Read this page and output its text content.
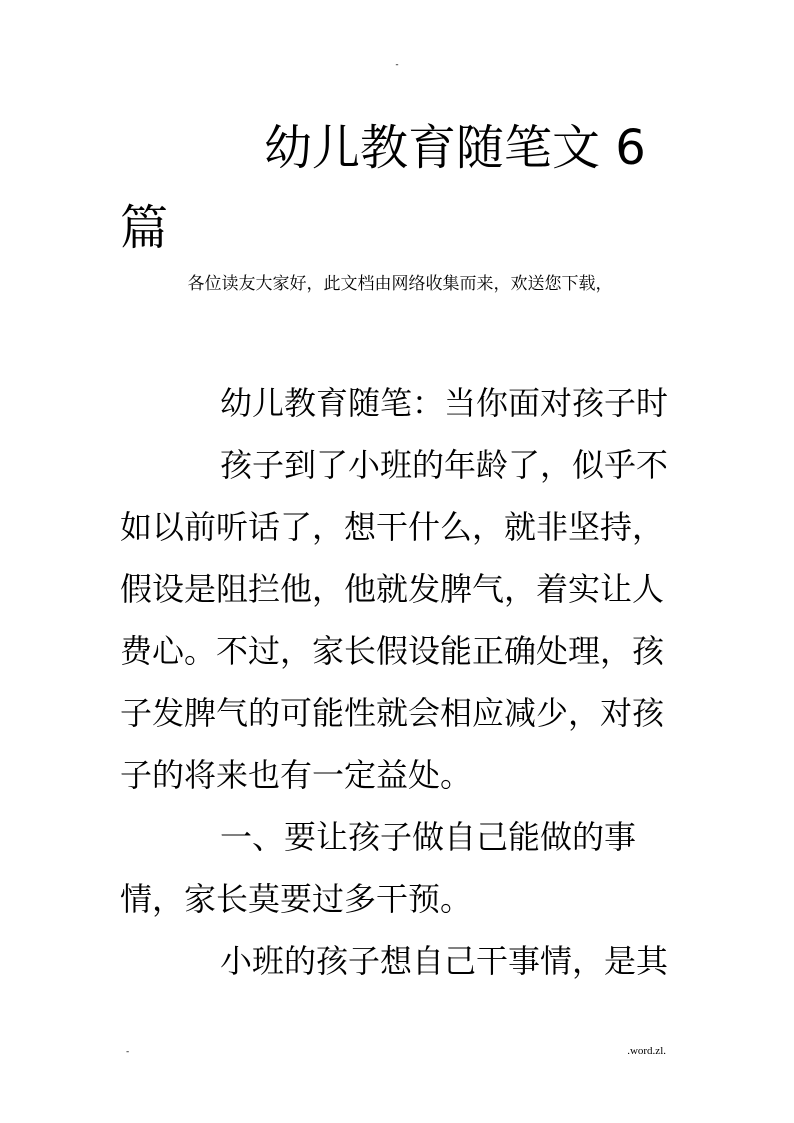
-
幼儿教育随笔文 6 篇
各位读友大家好，此文档由网络收集而来，欢送您下载，

幼儿教育随笔：当你面对孩子时

孩子到了小班的年龄了，似乎不如以前听话了，想干什么，就非坚持，假设是阻拦他，他就发脾气，着实让人费心。不过，家长假设能正确处理，孩子发脾气的可能性就会相应减少，对孩子的将来也有一定益处。

一、要让孩子做自己能做的事情，家长莫要过多干预。

小班的孩子想自己干事情，是其

-	.word.zl.
